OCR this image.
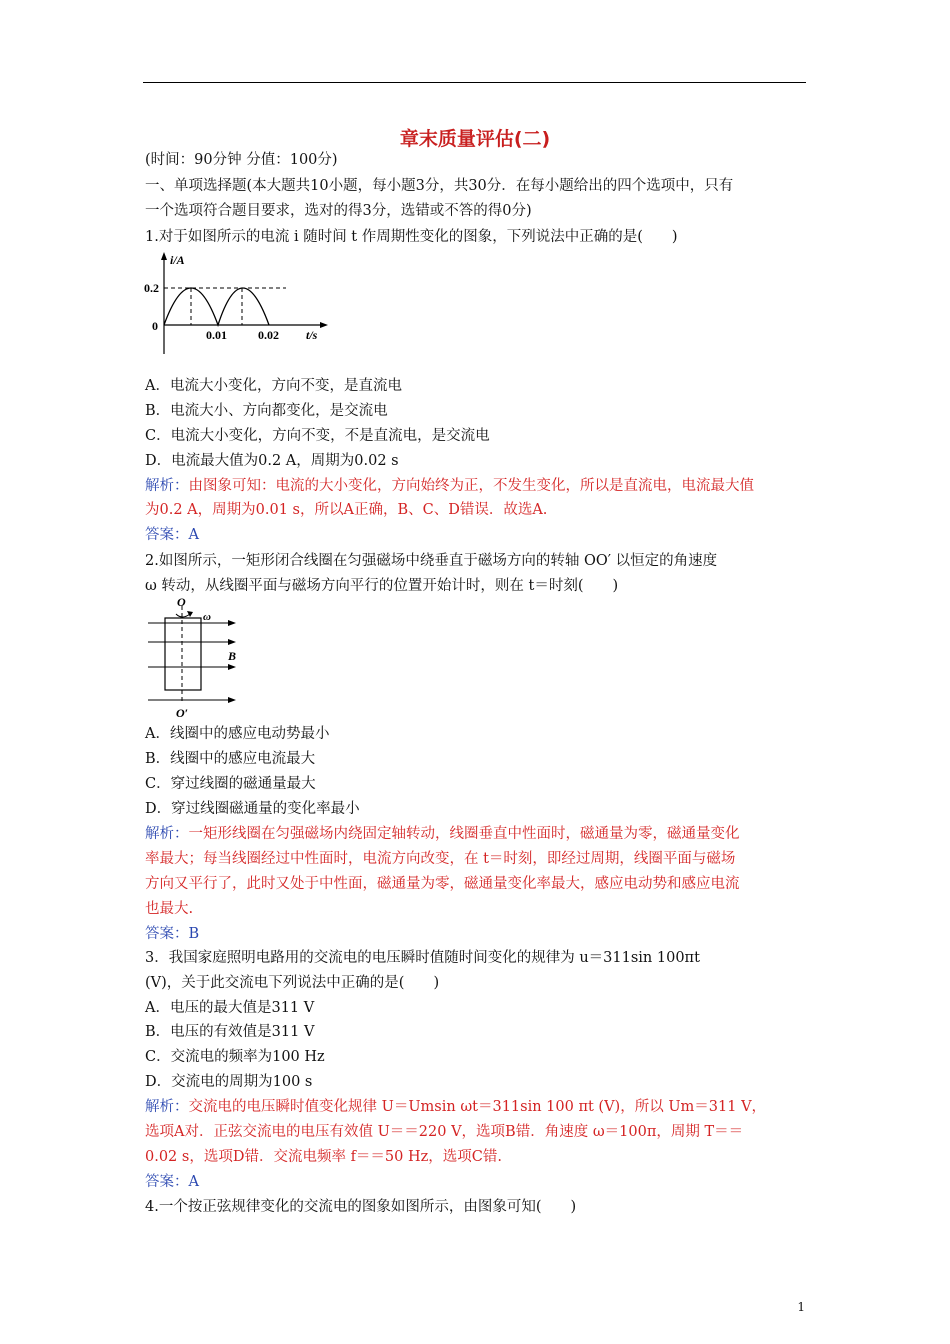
章末质量评估(二)
(时间：90分钟 分值：100分)
一、单项选择题(本大题共10小题，每小题3分，共30分．在每小题给出的四个选项中，只有
一个选项符合题目要求，选对的得3分，选错或不答的得0分)
1.对于如图所示的电流 i 随时间 t 作周期性变化的图象，下列说法中正确的是(　　)
i/A
0.2
0
0.01	0.02 t/s
A．电流大小变化，方向不变，是直流电
B．电流大小、方向都变化，是交流电
C．电流大小变化，方向不变，不是直流电，是交流电
D．电流最大值为0.2 A，周期为0.02 s
解析：由图象可知：电流的大小变化，方向始终为正，不发生变化，所以是直流电，电流最大值
为0.2 A，周期为0.01 s，所以A正确，B、C、D错误．故选A.
答案：A
2.如图所示，一矩形闭合线圈在匀强磁场中绕垂直于磁场方向的转轴 OO′ 以恒定的角速度
ω 转动，从线圈平面与磁场方向平行的位置开始计时，则在 t＝时刻(　　)
O
ω
B
O′
A．线圈中的感应电动势最小
B．线圈中的感应电流最大
C．穿过线圈的磁通量最大
D．穿过线圈磁通量的变化率最小
解析：一矩形线圈在匀强磁场内绕固定轴转动，线圈垂直中性面时，磁通量为零，磁通量变化
率最大；每当线圈经过中性面时，电流方向改变，在 t＝时刻，即经过周期，线圈平面与磁场
方向又平行了，此时又处于中性面，磁通量为零，磁通量变化率最大，感应电动势和感应电流
也最大.
答案：B
3．我国家庭照明电路用的交流电的电压瞬时值随时间变化的规律为 u＝311sin 100πt
(V)，关于此交流电下列说法中正确的是(　　)
A．电压的最大值是311 V
B．电压的有效值是311 V
C．交流电的频率为100 Hz
D．交流电的周期为100 s
解析：交流电的电压瞬时值变化规律 U＝Umsin ωt＝311sin 100 πt (V)，所以 Um＝311 V，
选项A对．正弦交流电的电压有效值 U＝＝220 V，选项B错．角速度 ω＝100π，周期 T＝＝
0.02 s，选项D错．交流电频率 f＝＝50 Hz，选项C错.
答案：A
4.一个按正弦规律变化的交流电的图象如图所示，由图象可知(　　)
1
